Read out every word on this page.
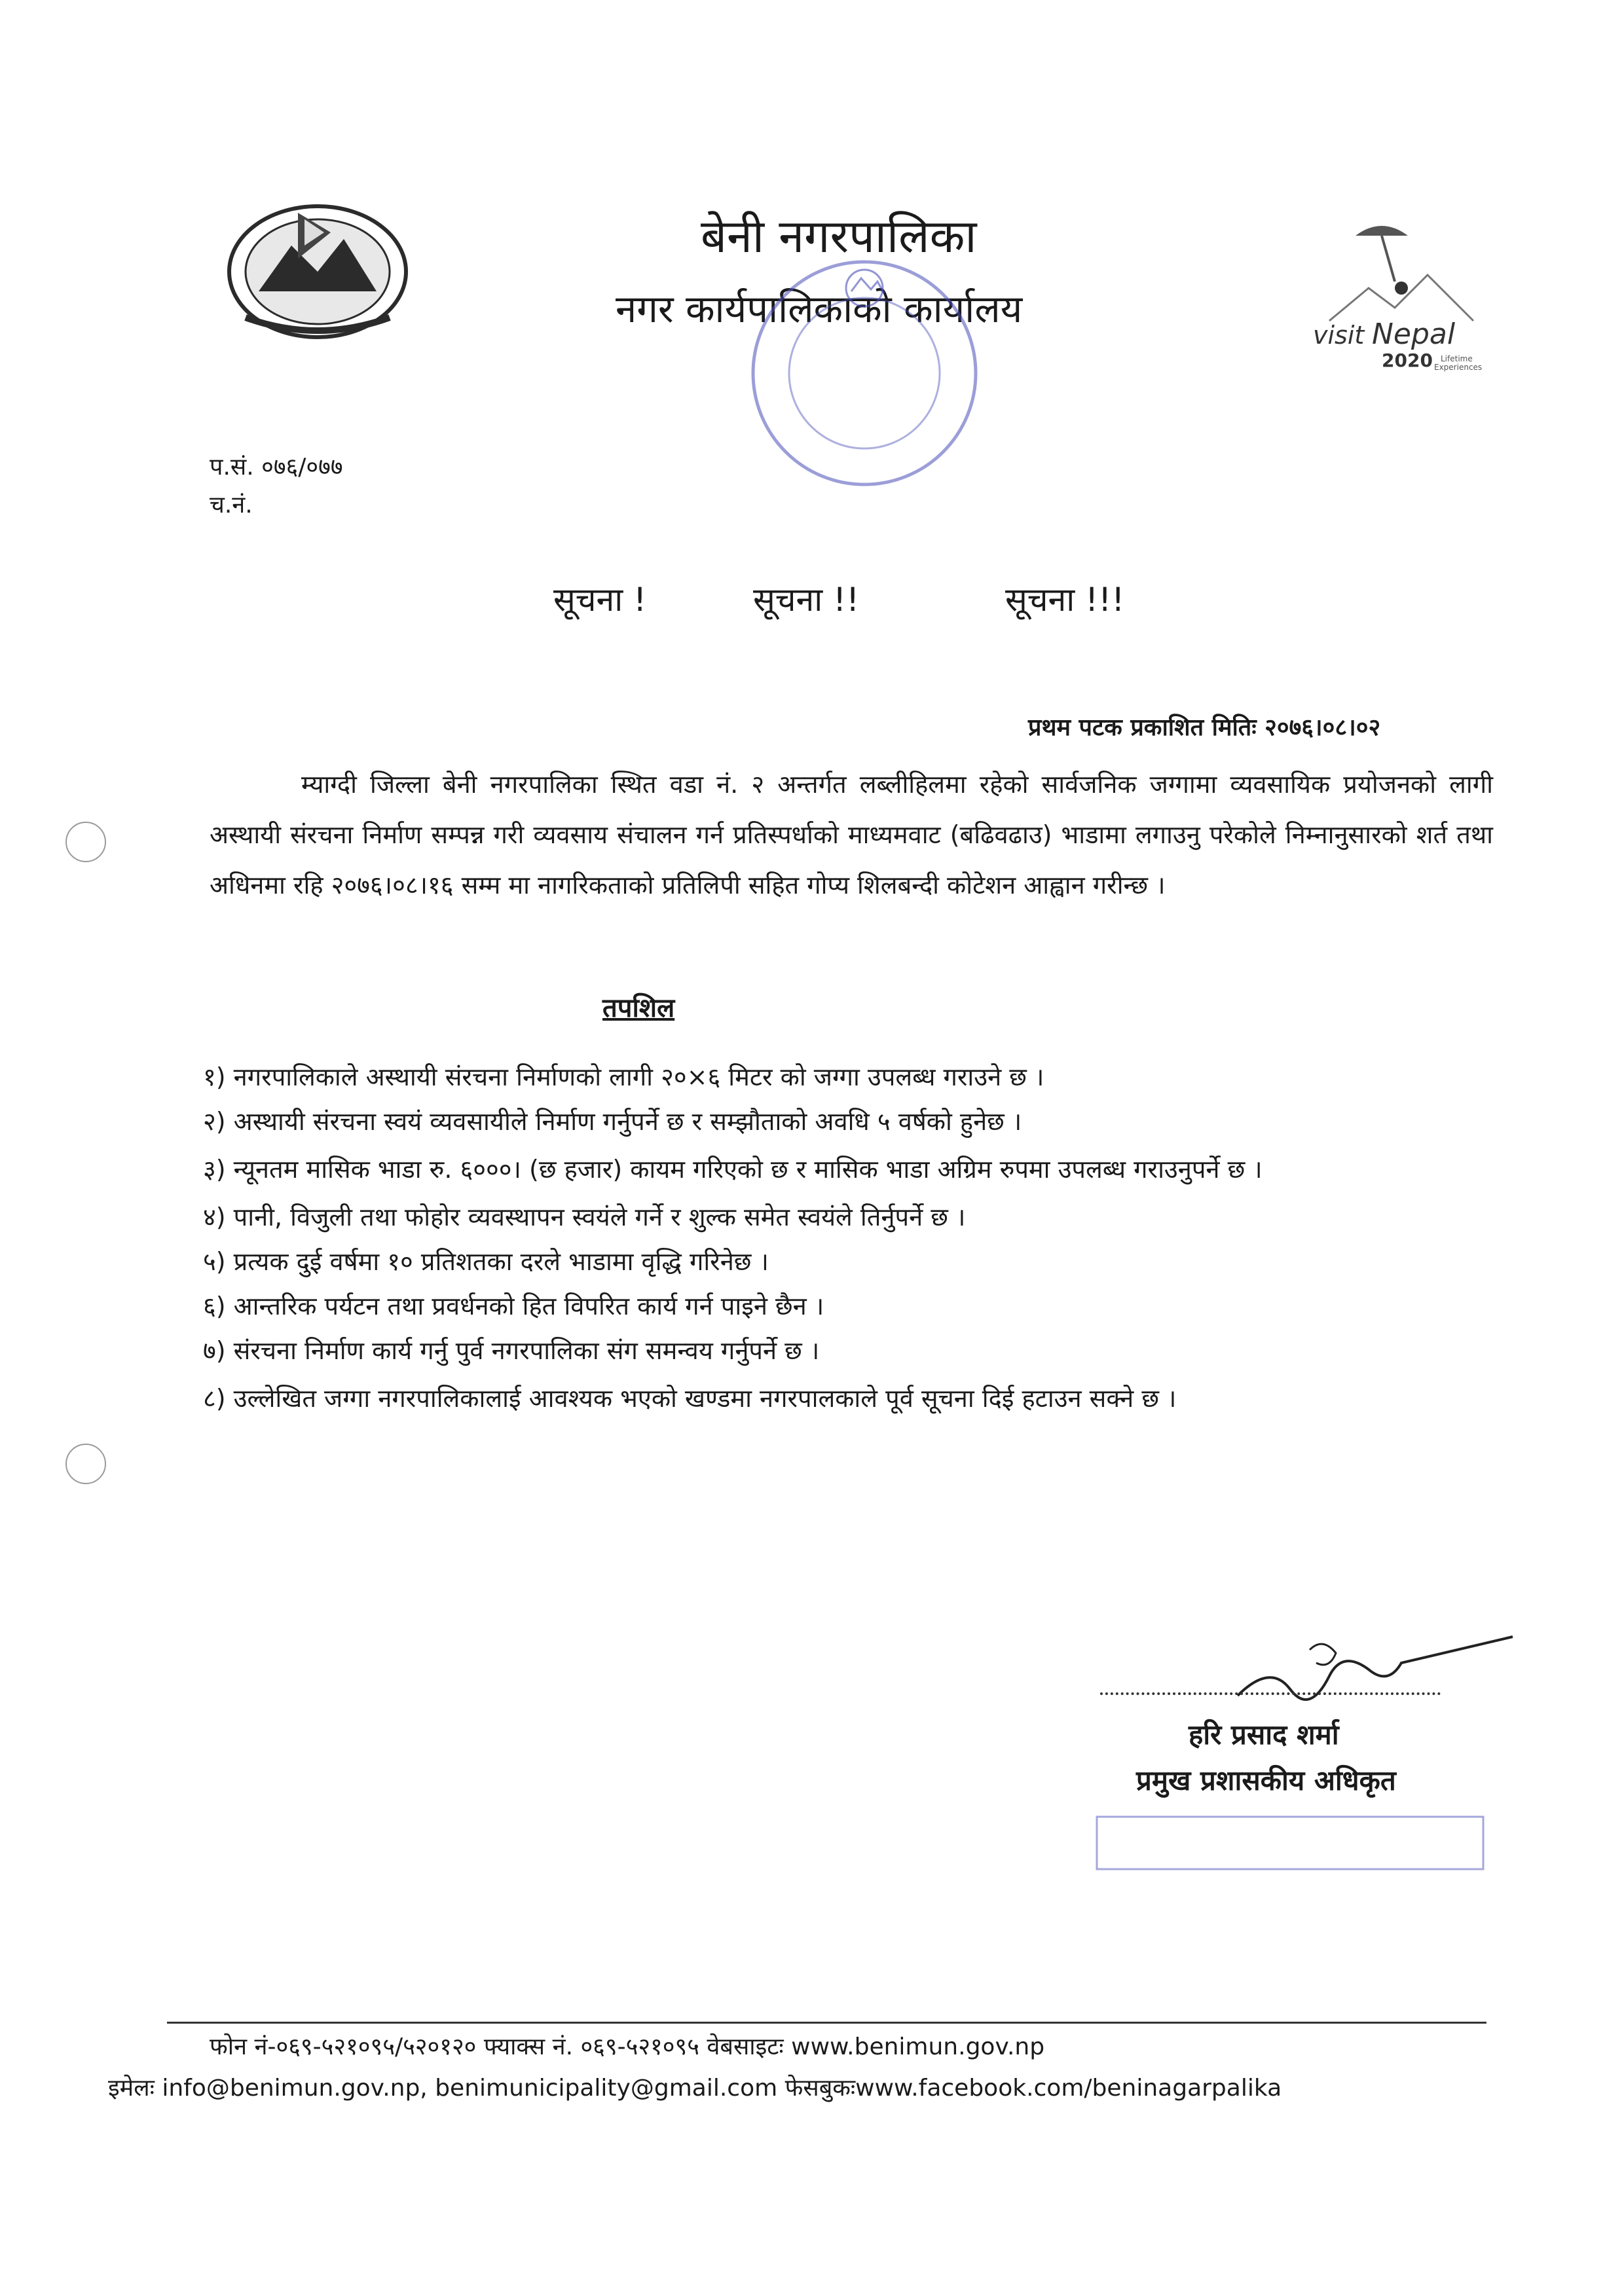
बेनी नगरपालिका
नगर कार्यपालिकाको कार्यालय
visit Nepal
2020 Lifetime
Experiences
प.सं. ०७६/०७७
च.नं.
सूचना !	सूचना !!	सूचना !!!
प्रथम पटक प्रकाशित मितिः २०७६।०८।०२
म्याग्दी जिल्ला बेनी नगरपालिका स्थित वडा नं. २ अन्तर्गत लब्लीहिलमा रहेको सार्वजनिक जग्गामा व्यवसायिक प्रयोजनको लागी अस्थायी संरचना निर्माण सम्पन्न गरी व्यवसाय संचालन गर्न प्रतिस्पर्धाको माध्यमवाट (बढिवढाउ) भाडामा लगाउनु परेकोले निम्नानुसारको शर्त तथा अधिनमा रहि २०७६।०८।१६ सम्म मा नागरिकताको प्रतिलिपी सहित गोप्य शिलबन्दी कोटेशन आह्वान गरीन्छ ।
तपशिल
१) नगरपालिकाले अस्थायी संरचना निर्माणको लागी २०×६ मिटर को जग्गा उपलब्ध गराउने छ ।
२) अस्थायी संरचना स्वयं व्यवसायीले निर्माण गर्नुपर्ने छ र सम्झौताको अवधि ५ वर्षको हुनेछ ।
३) न्यूनतम मासिक भाडा रु. ६०००। (छ हजार) कायम गरिएको छ र मासिक भाडा अग्रिम रुपमा उपलब्ध गराउनुपर्ने छ ।
४) पानी, विजुली तथा फोहोर व्यवस्थापन स्वयंले गर्ने र शुल्क समेत स्वयंले तिर्नुपर्ने छ ।
५) प्रत्यक दुई वर्षमा १० प्रतिशतका दरले भाडामा वृद्धि गरिनेछ ।
६) आन्तरिक पर्यटन तथा प्रवर्धनको हित विपरित कार्य गर्न पाइने छैन ।
७) संरचना निर्माण कार्य गर्नु पुर्व नगरपालिका संग समन्वय गर्नुपर्ने छ ।
८) उल्लेखित जग्गा नगरपालिकालाई आवश्यक भएको खण्डमा नगरपालकाले पूर्व सूचना दिई हटाउन सक्ने छ ।
हरि प्रसाद शर्मा
प्रमुख प्रशासकीय अधिकृत
फोन नं-०६९-५२१०९५/५२०१२० फ्याक्स नं. ०६९-५२१०९५ वेबसाइटः www.benimun.gov.np
इमेलः info@benimun.gov.np, benimunicipality@gmail.com फेसबुकःwww.facebook.com/beninagarpalika
